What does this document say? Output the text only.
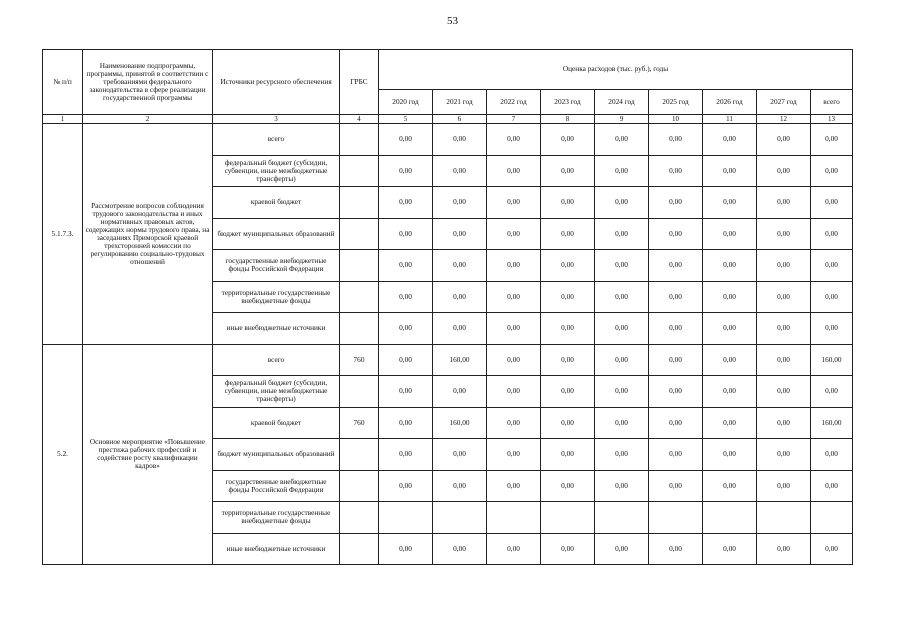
53
№ п/п	Наименование подпрограммы, программы, принятой в соответствии с требованиями федерального законодательства в сфере реализации государственной программы	Источники ресурсного обеспечения	ГРБС	Оценка расходов (тыс. руб.), годы								
				2020 год	2021 год	2022 год	2023 год	2024 год	2025 год	2026 год	2027 год	всего
1	2	3	4	5	6	7	8	9	10	11	12	13
5.1.7.3.	Рассмотрение вопросов соблюдения трудового законодательства и иных нормативных правовых актов, содержащих нормы трудового права, на заседаниях Приморской краевой трехсторонней комиссии по регулированию социально-трудовых отношений	всего		0,00	0,00	0,00	0,00	0,00	0,00	0,00	0,00	0,00
		федеральный бюджет (субсидии, субвенции, иные межбюджетные трансферты)		0,00	0,00	0,00	0,00	0,00	0,00	0,00	0,00	0,00
		краевой бюджет		0,00	0,00	0,00	0,00	0,00	0,00	0,00	0,00	0,00
		бюджет муниципальных образований		0,00	0,00	0,00	0,00	0,00	0,00	0,00	0,00	0,00
		государственные внебюджетные фонды Российской Федерации		0,00	0,00	0,00	0,00	0,00	0,00	0,00	0,00	0,00
		территориальные государственные внебюджетные фонды		0,00	0,00	0,00	0,00	0,00	0,00	0,00	0,00	0,00
		иные внебюджетные источники		0,00	0,00	0,00	0,00	0,00	0,00	0,00	0,00	0,00
5.2.	Основное мероприятие «Повышение престижа рабочих профессий и содействие росту квалификации кадров»	всего	760	0,00	160,00	0,00	0,00	0,00	0,00	0,00	0,00	160,00
		федеральный бюджет (субсидии, субвенции, иные межбюджетные трансферты)		0,00	0,00	0,00	0,00	0,00	0,00	0,00	0,00	0,00
		краевой бюджет	760	0,00	160,00	0,00	0,00	0,00	0,00	0,00	0,00	160,00
		бюджет муниципальных образований		0,00	0,00	0,00	0,00	0,00	0,00	0,00	0,00	0,00
		государственные внебюджетные фонды Российской Федерации		0,00	0,00	0,00	0,00	0,00	0,00	0,00	0,00	0,00
		территориальные государственные внебюджетные фонды										
		иные внебюджетные источники		0,00	0,00	0,00	0,00	0,00	0,00	0,00	0,00	0,00
